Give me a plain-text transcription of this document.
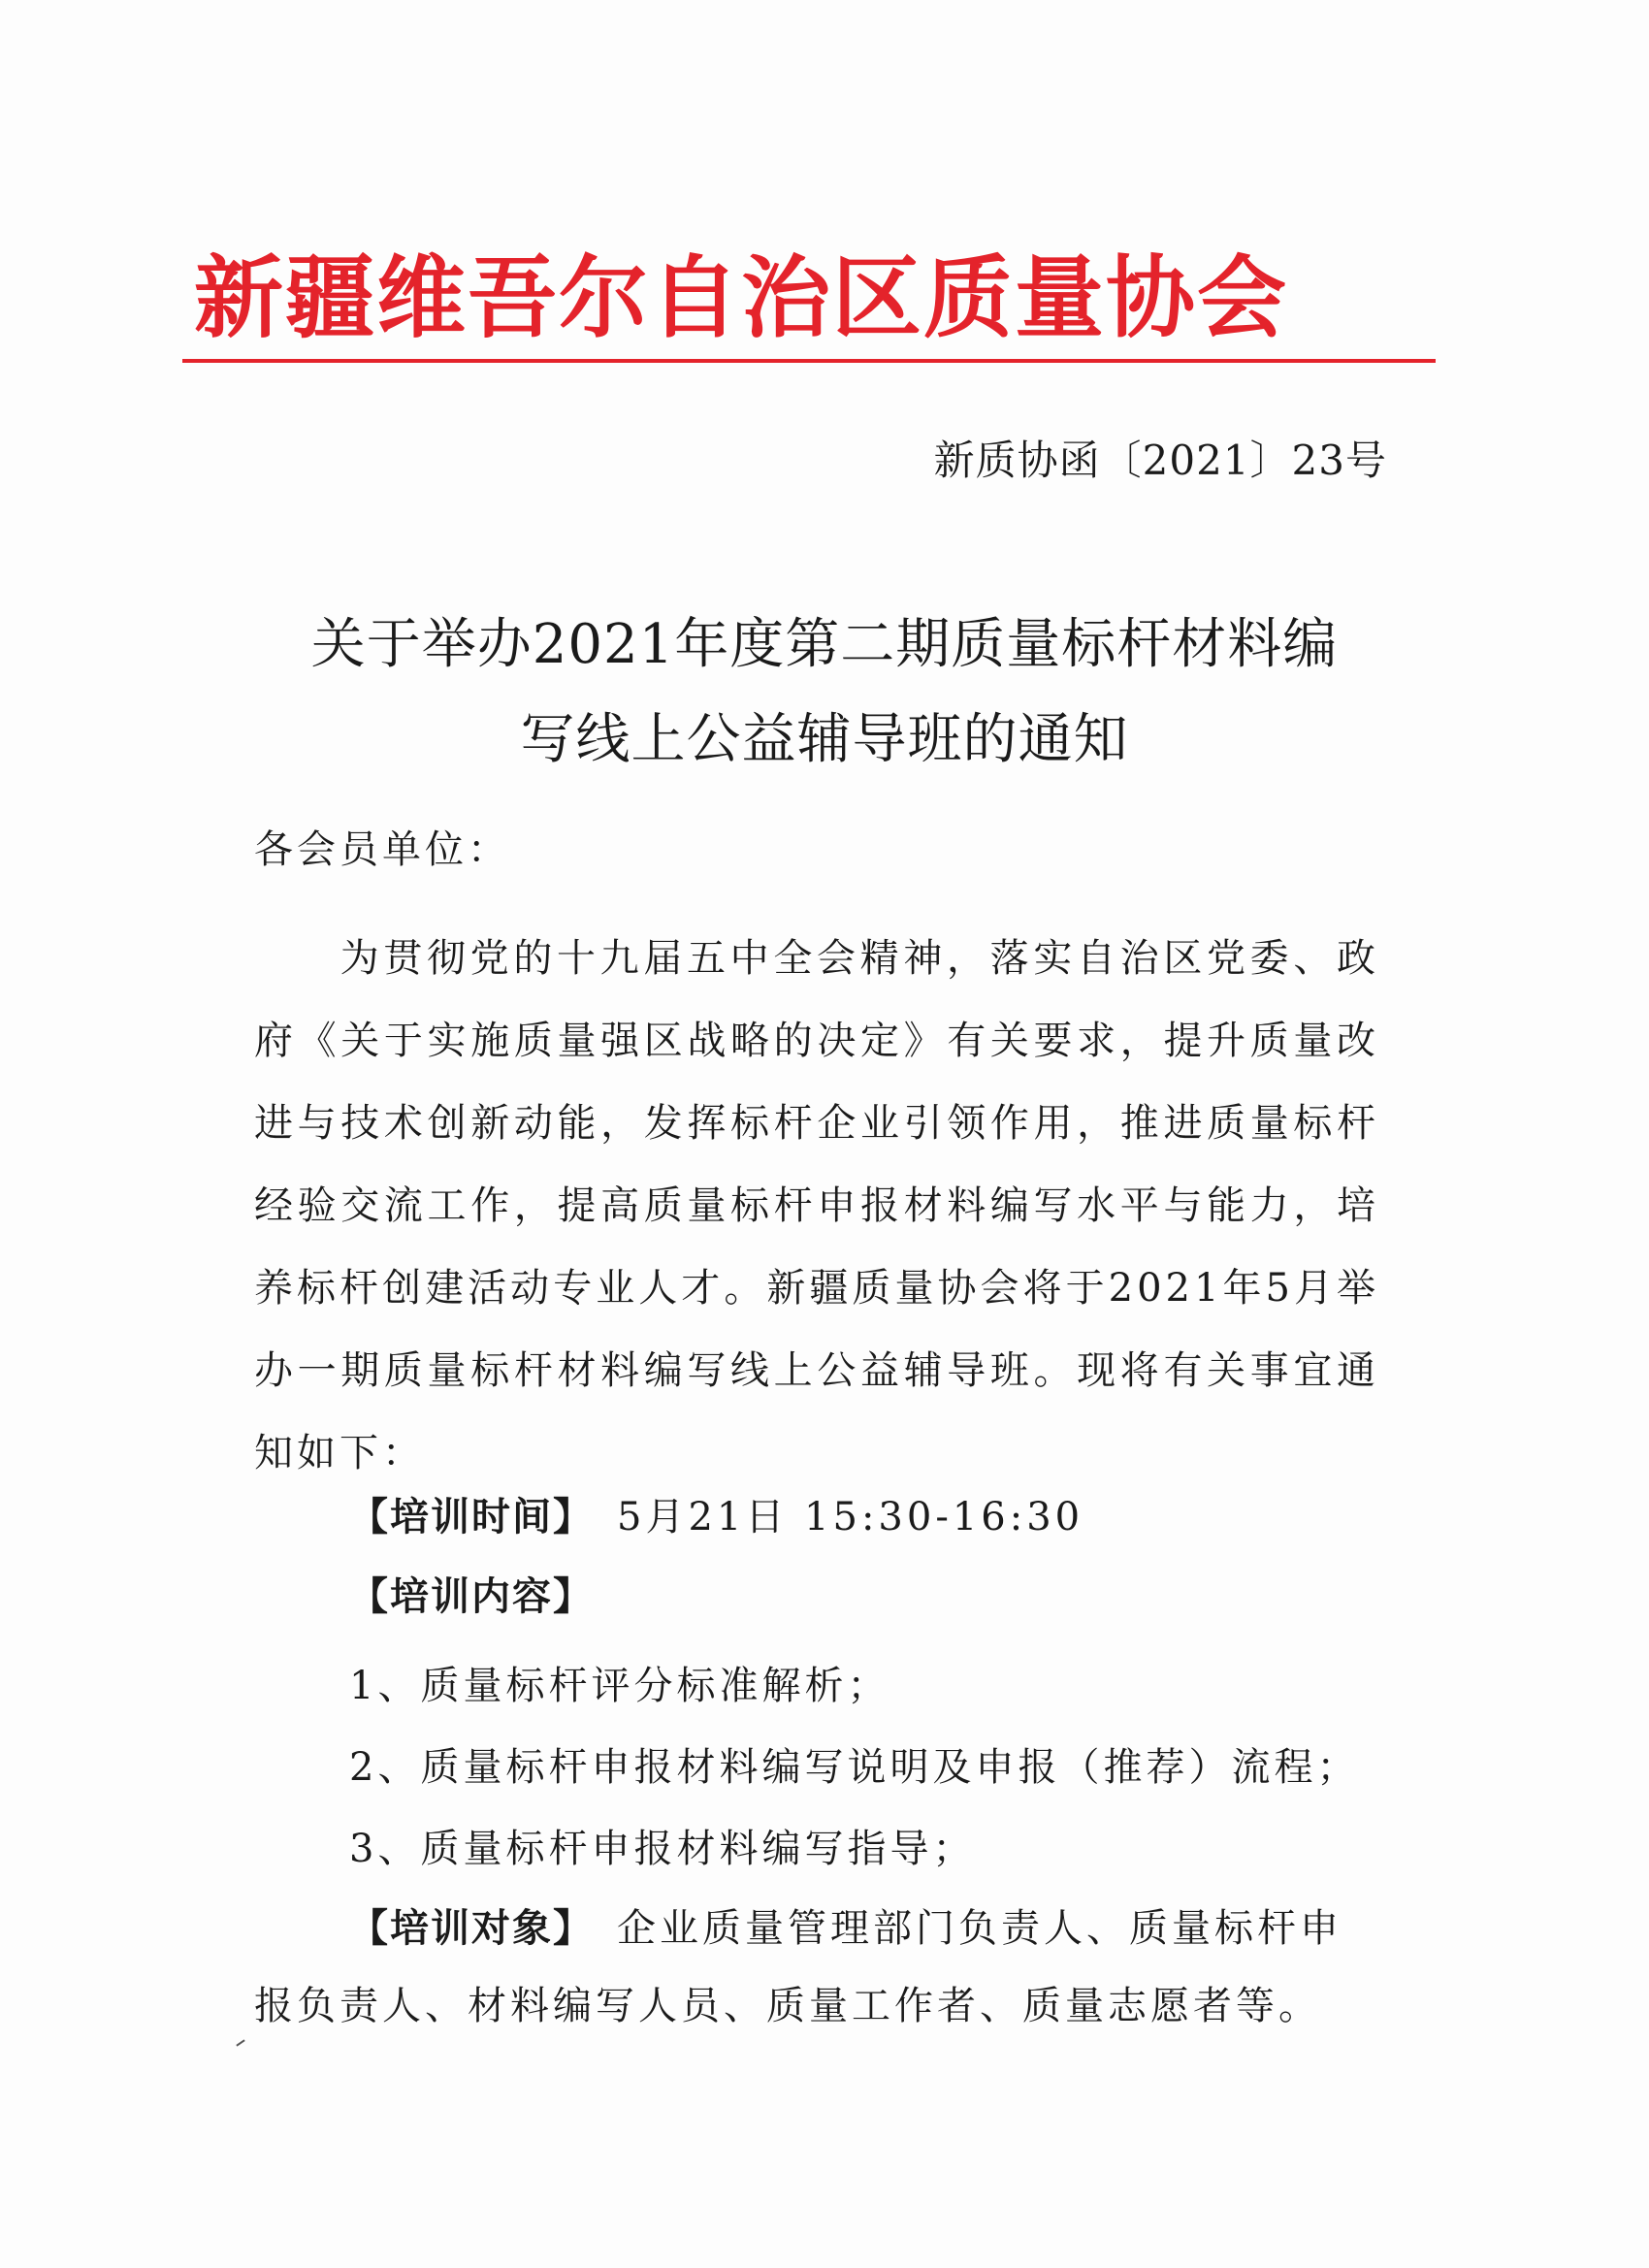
新疆维吾尔自治区质量协会
新质协函〔2021〕23号
关于举办2021年度第二期质量标杆材料编
写线上公益辅导班的通知
各会员单位：
为贯彻党的十九届五中全会精神，落实自治区党委、政府《关于实施质量强区战略的决定》有关要求，提升质量改进与技术创新动能，发挥标杆企业引领作用，推进质量标杆经验交流工作，提高质量标杆申报材料编写水平与能力，培养标杆创建活动专业人才。新疆质量协会将于2021年5月举办一期质量标杆材料编写线上公益辅导班。现将有关事宜通知如下：
【培训时间】 5月21日 15:30-16:30
【培训内容】
1、质量标杆评分标准解析；
2、质量标杆申报材料编写说明及申报（推荐）流程；
3、质量标杆申报材料编写指导；
【培训对象】 企业质量管理部门负责人、质量标杆申
报负责人、材料编写人员、质量工作者、质量志愿者等。
